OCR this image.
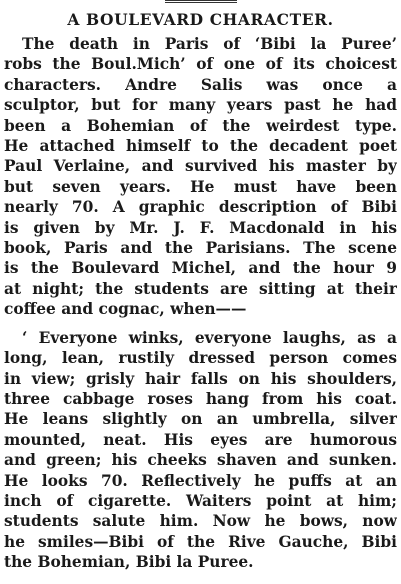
A BOULEVARD CHARACTER.
The death in Paris of ‘Bibi la Puree’
robs the Boul.Mich’ of one of its choicest
characters. Andre Salis was once a
sculptor, but for many years past he had
been a Bohemian of the weirdest type.
He attached himself to the decadent poet
Paul Verlaine, and survived his master by
but seven years. He must have been
nearly 70. A graphic description of Bibi
is given by Mr. J. F. Macdonald in his
book, Paris and the Parisians. The scene
is the Boulevard Michel, and the hour 9
at night; the students are sitting at their
coffee and cognac, when——
‘ Everyone winks, everyone laughs, as a
long, lean, rustily dressed person comes
in view; grisly hair falls on his shoulders,
three cabbage roses hang from his coat.
He leans slightly on an umbrella, silver
mounted, neat. His eyes are humorous
and green; his cheeks shaven and sunken.
He looks 70. Reflectively he puffs at an
inch of cigarette. Waiters point at him;
students salute him. Now he bows, now
he smiles—Bibi of the Rive Gauche, Bibi
the Bohemian, Bibi la Puree.
